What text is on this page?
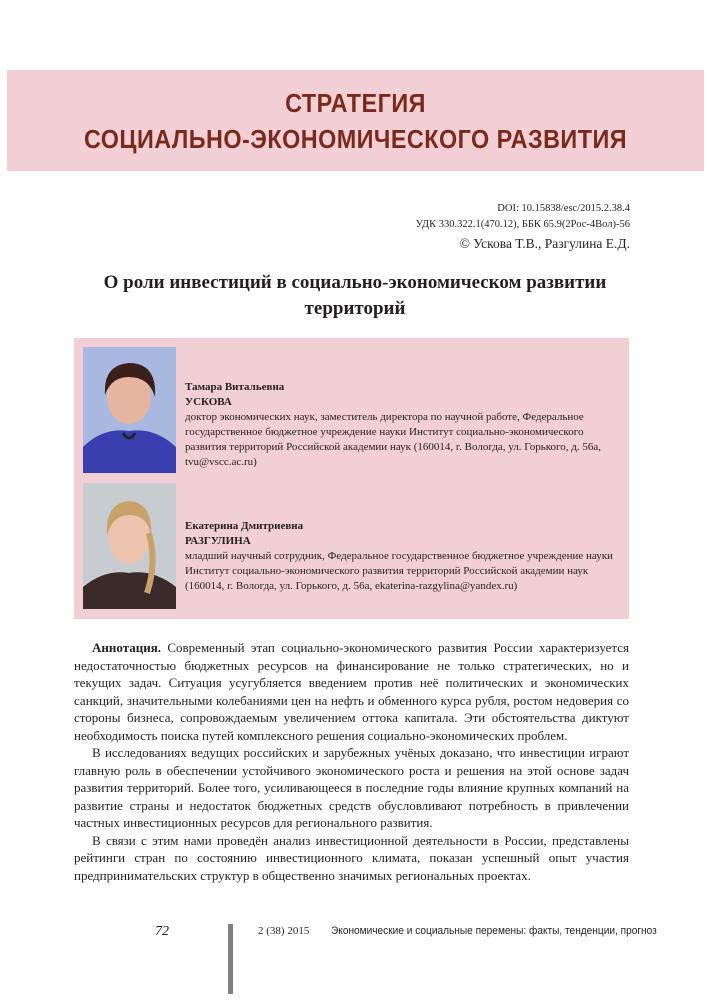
СТРАТЕГИЯ
СОЦИАЛЬНО-ЭКОНОМИЧЕСКОГО РАЗВИТИЯ
DOI: 10.15838/esc/2015.2.38.4
УДК 330.322.1(470.12), ББК 65.9(2Рос-4Вол)-56
© Ускова Т.В., Разгулина Е.Д.
О роли инвестиций в социально-экономическом развитии территорий
Тамара Витальевна
УСКОВА
доктор экономических наук, заместитель директора по научной работе, Федеральное государственное бюджетное учреждение науки Институт социально-экономического развития территорий Российской академии наук (160014, г. Вологда, ул. Горького, д. 56а, tvu@vscc.ac.ru)
Екатерина Дмитриевна
РАЗГУЛИНА
младший научный сотрудник, Федеральное государственное бюджетное учреждение науки Институт социально-экономического развития территорий Российской академии наук (160014, г. Вологда, ул. Горького, д. 56а, ekaterina-razgylina@yandex.ru)

Аннотация. Современный этап социально-экономического развития России характеризуется недостаточностью бюджетных ресурсов на финансирование не только стратегических, но и текущих задач. Ситуация усугубляется введением против неё политических и экономических санкций, значительными колебаниями цен на нефть и обменного курса рубля, ростом недоверия со стороны бизнеса, сопровождаемым увеличением оттока капитала. Эти обстоятельства диктуют необходимость поиска путей комплексного решения социально-экономических проблем.

В исследованиях ведущих российских и зарубежных учёных доказано, что инвестиции играют главную роль в обеспечении устойчивого экономического роста и решения на этой основе задач развития территорий. Более того, усиливающееся в последние годы влияние крупных компаний на развитие страны и недостаток бюджетных средств обусловливают потребность в привлечении частных инвестиционных ресурсов для регионального развития.

В связи с этим нами проведён анализ инвестиционной деятельности в России, представлены рейтинги стран по состоянию инвестиционного климата, показан успешный опыт участия предпринимательских структур в общественно значимых региональных проектах.

72	2 (38) 2015 Экономические и социальные перемены: факты, тенденции, прогноз
